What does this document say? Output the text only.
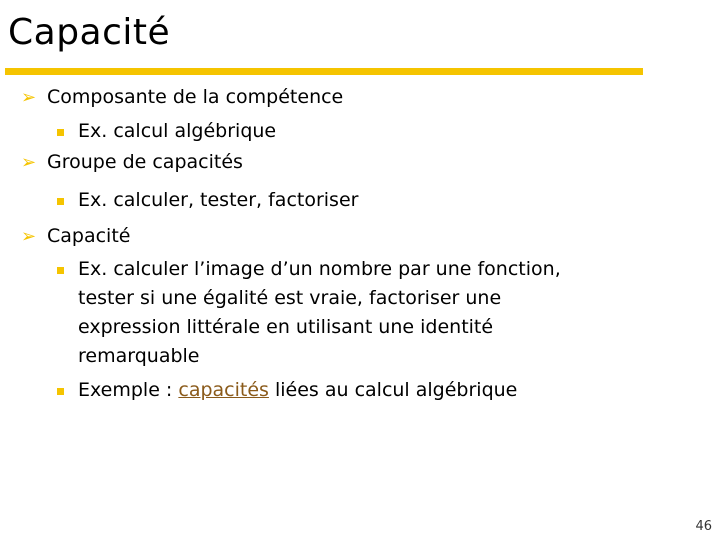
Capacité
➢ Composante de la compétence
Ex. calcul algébrique
➢ Groupe de capacités
Ex. calculer, tester, factoriser
➢ Capacité
Ex. calculer l’image d’un nombre par une fonction,
tester si une égalité est vraie, factoriser une
expression littérale en utilisant une identité
remarquable
Exemple : capacités liées au calcul algébrique
46
